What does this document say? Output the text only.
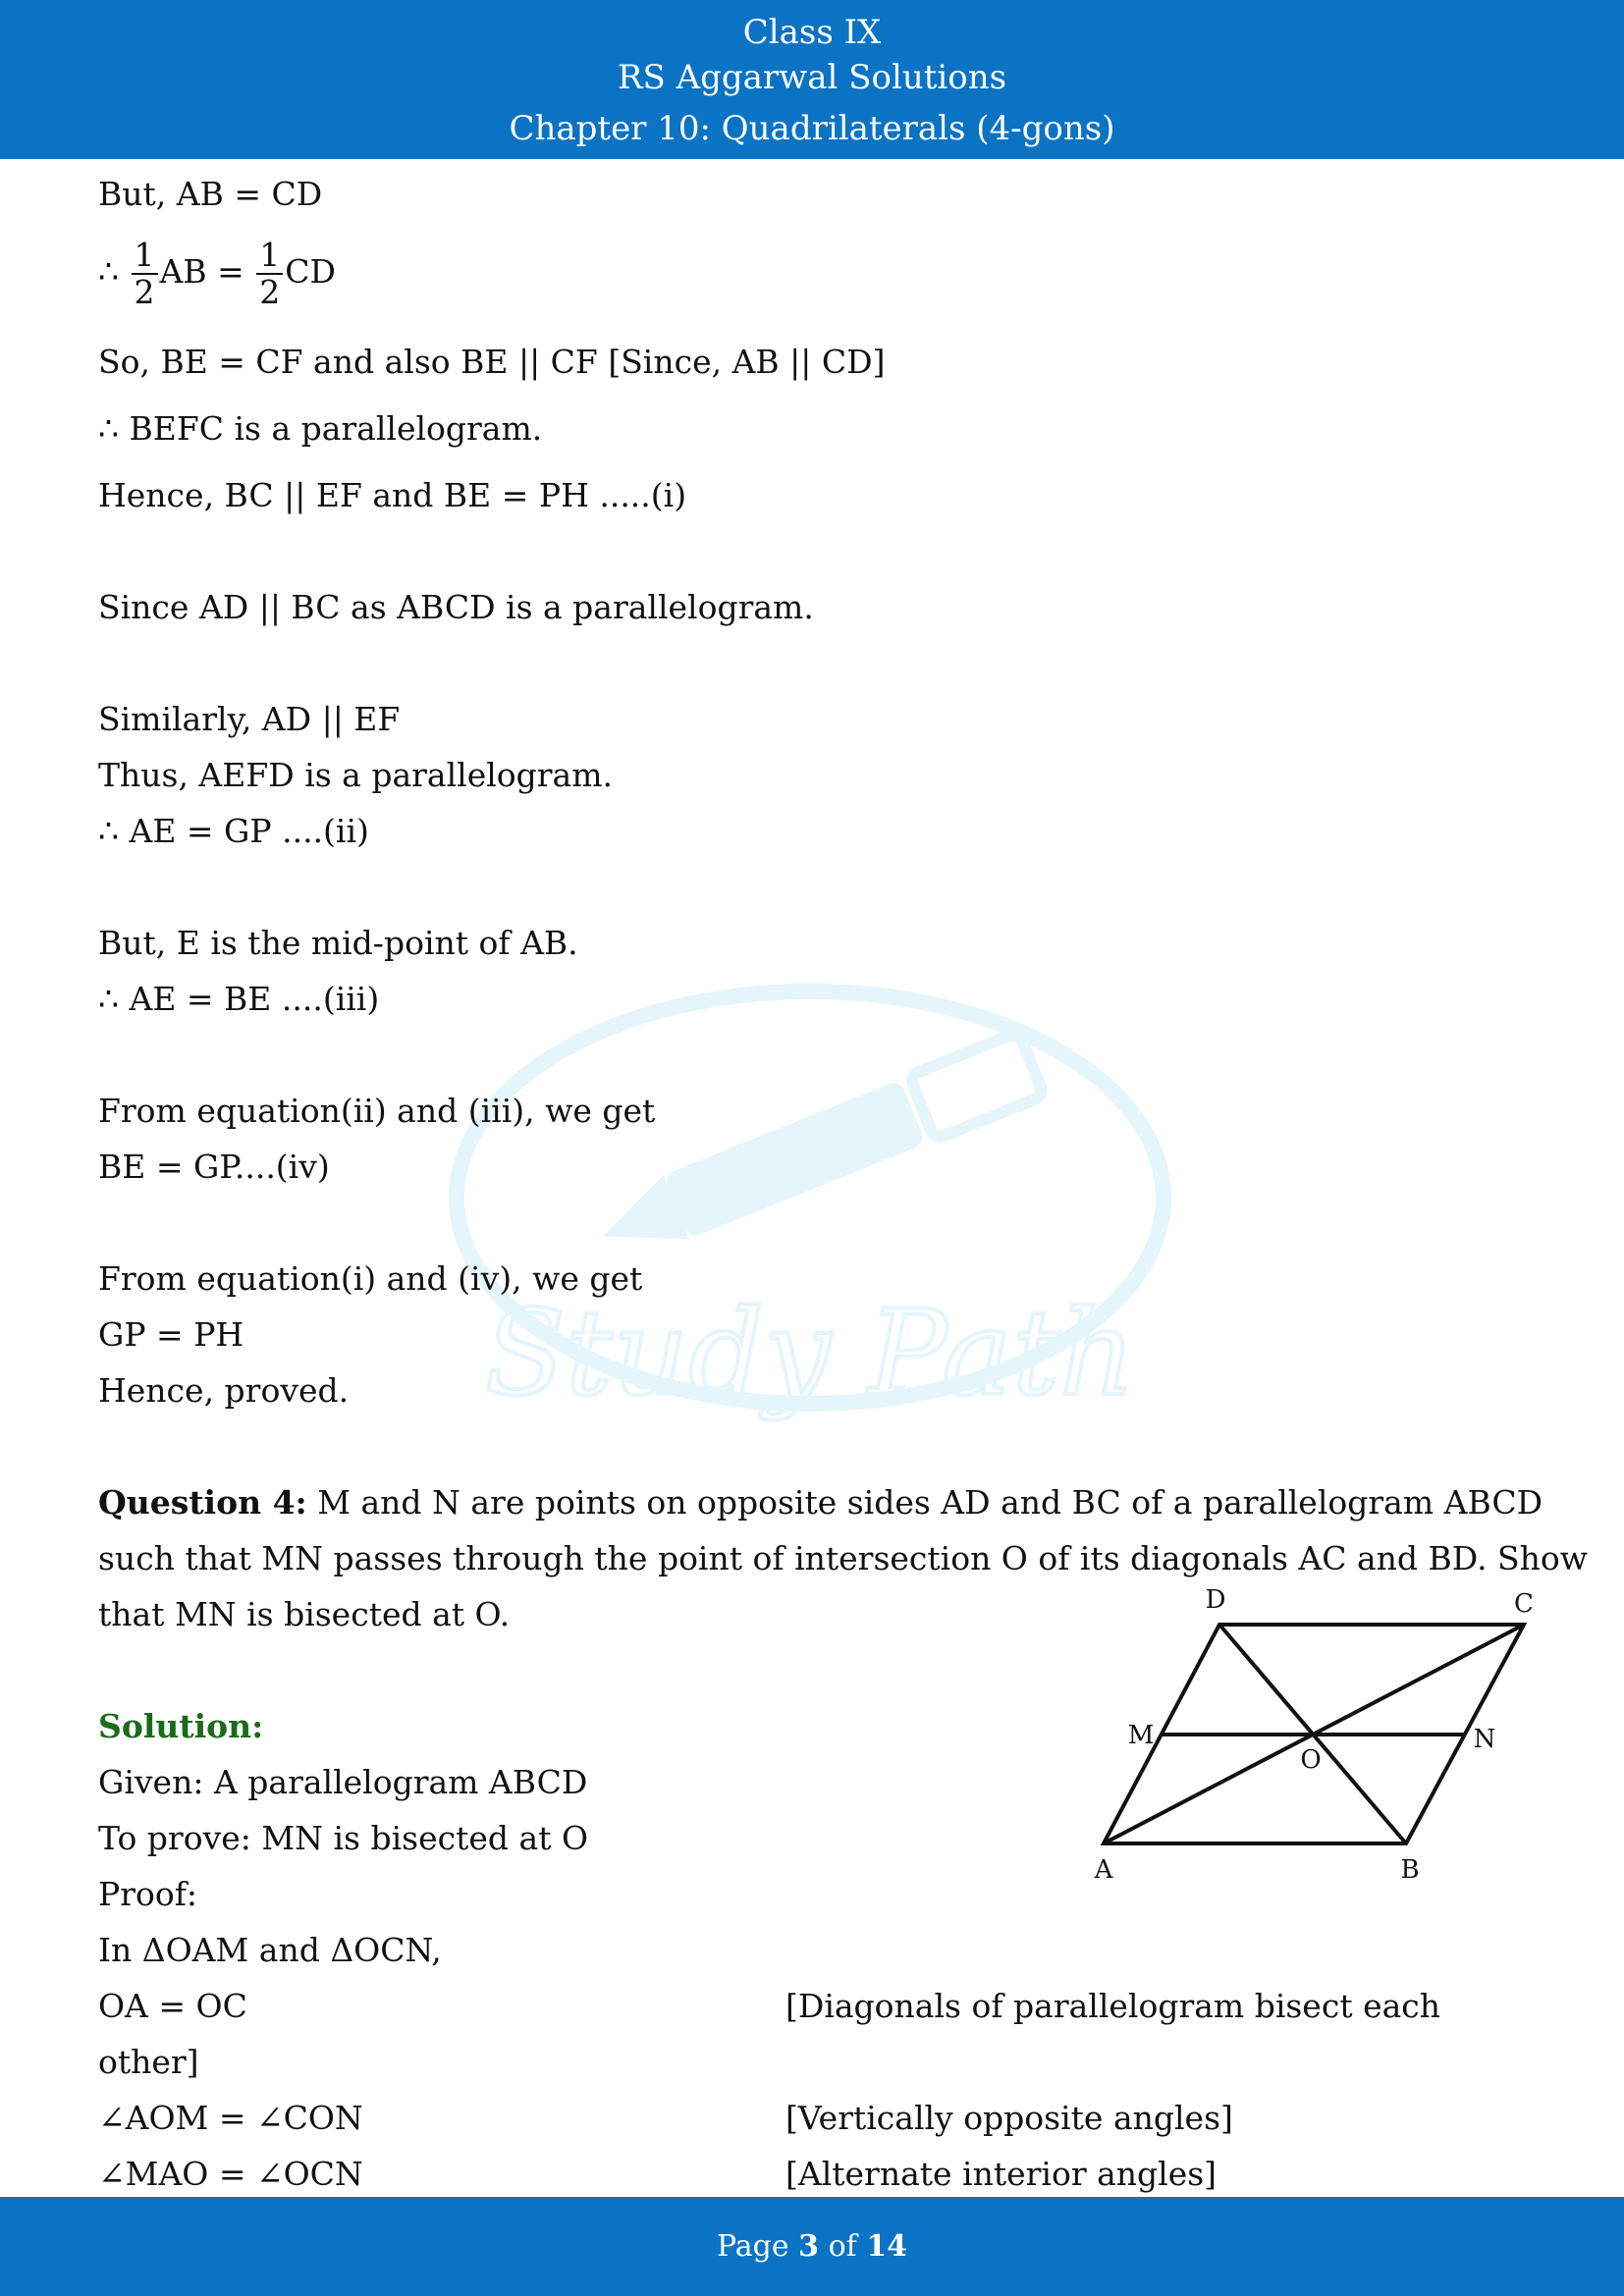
Class IX
RS Aggarwal Solutions
Chapter 10: Quadrilaterals (4-gons)
Study Path
But, AB = CD
∴ $\frac{1}{2}$ AB = $\frac{1}{2}$ CD
So, BE = CF and also BE || CF [Since, AB || CD]
∴ BEFC is a parallelogram.
Hence, BC || EF and BE = PH .....(i)
Since AD || BC as ABCD is a parallelogram.
Similarly, AD || EF
Thus, AEFD is a parallelogram.
∴ AE = GP ....(ii)
But, E is the mid-point of AB.
∴ AE = BE ....(iii)
From equation(ii) and (iii), we get
BE = GP....(iv)
From equation(i) and (iv), we get
GP = PH
Hence, proved.
Question 4: M and N are points on opposite sides AD and BC of a parallelogram ABCD
such that MN passes through the point of intersection O of its diagonals AC and BD. Show
that MN is bisected at O.
Solution:
Given: A parallelogram ABCD
To prove: MN is bisected at O
Proof:
In ΔOAM and ΔOCN,
OA = OC	[Diagonals of parallelogram bisect each
other]
∠AOM = ∠CON	[Vertically opposite angles]
∠MAO = ∠OCN	[Alternate interior angles]
D	C
M	N
O
A	B
Page 3 of 14
